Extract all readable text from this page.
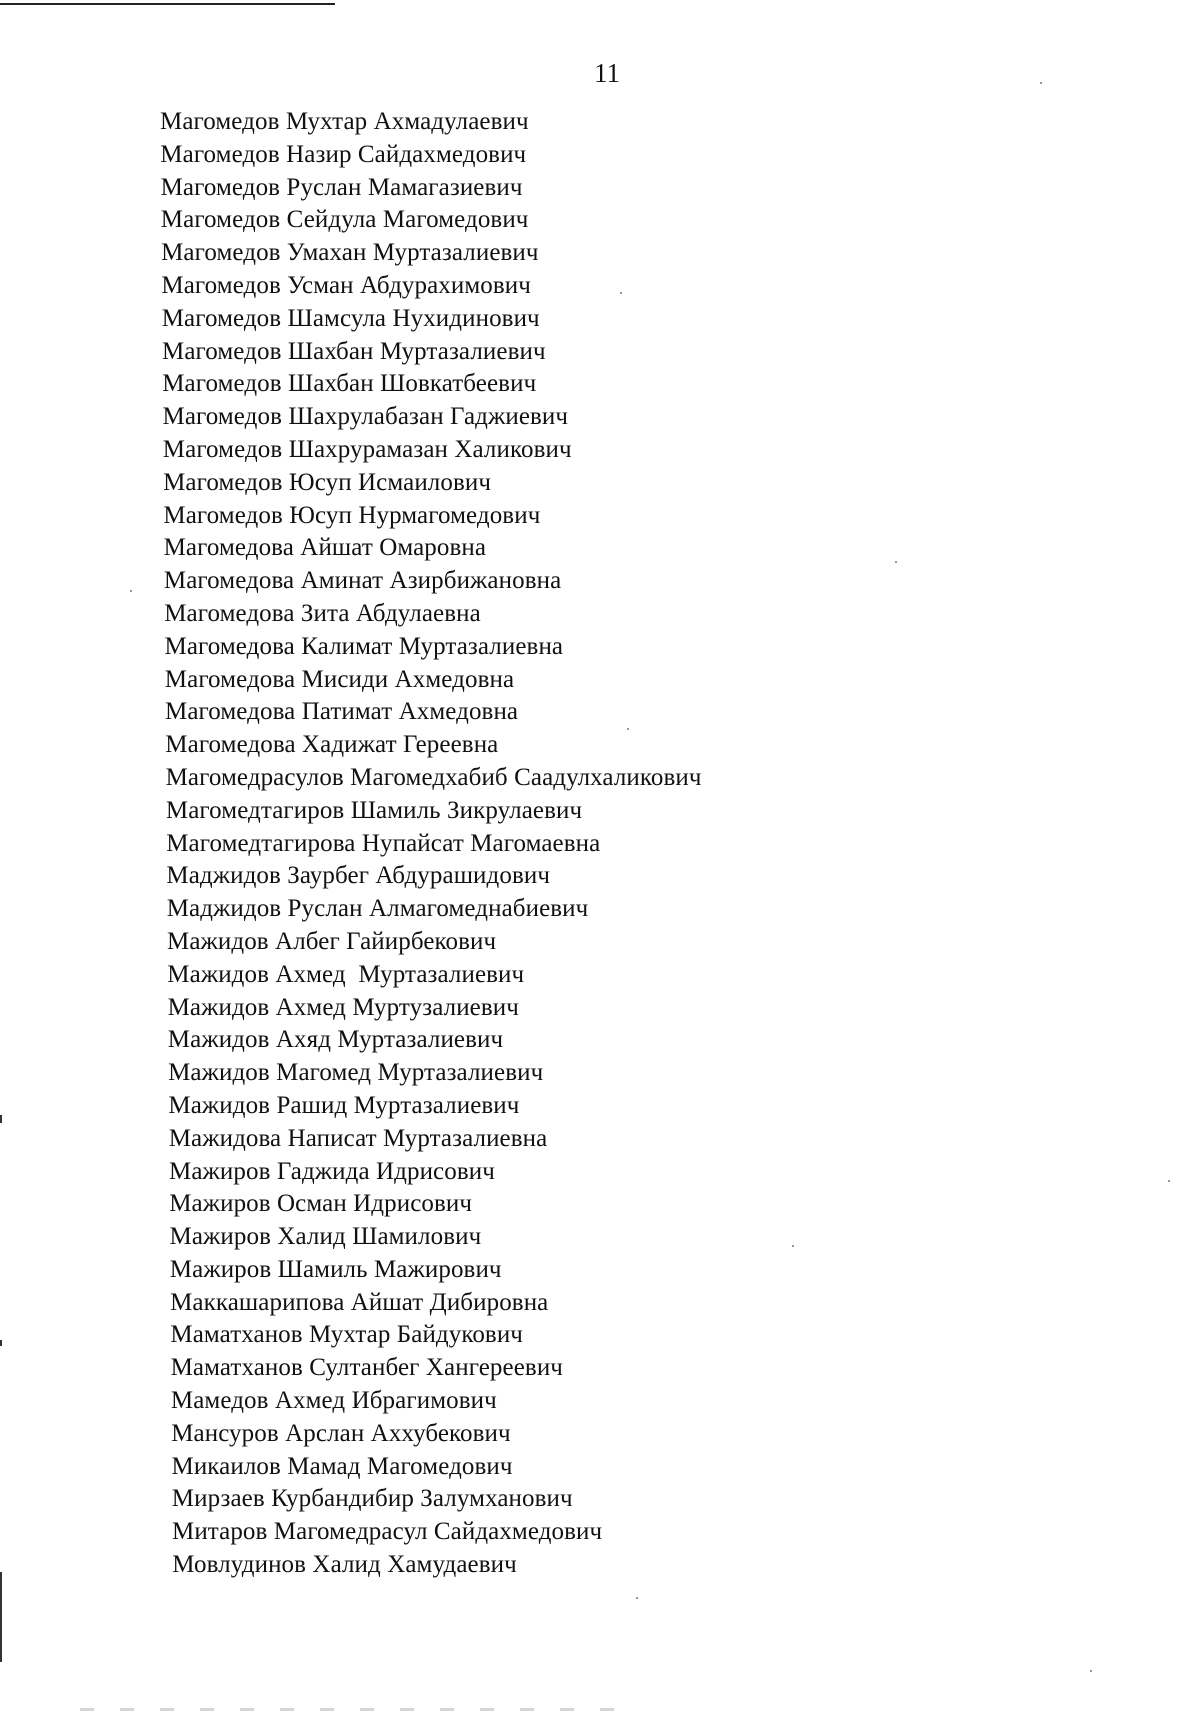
11
Магомедов Мухтар Ахмадулаевич
Магомедов Назир Сайдахмедович
Магомедов Руслан Мамагазиевич
Магомедов Сейдула Магомедович
Магомедов Умахан Муртазалиевич
Магомедов Усман Абдурахимович
Магомедов Шамсула Нухидинович
Магомедов Шахбан Муртазалиевич
Магомедов Шахбан Шовкатбеевич
Магомедов Шахрулабазан Гаджиевич
Магомедов Шахрурамазан Халикович
Магомедов Юсуп Исмаилович
Магомедов Юсуп Нурмагомедович
Магомедова Айшат Омаровна
Магомедова Аминат Азирбижановна
Магомедова Зита Абдулаевна
Магомедова Калимат Муртазалиевна
Магомедова Мисиди Ахмедовна
Магомедова Патимат Ахмедовна
Магомедова Хадижат Гереевна
Магомедрасулов Магомедхабиб Саадулхаликович
Магомедтагиров Шамиль Зикрулаевич
Магомедтагирова Нупайсат Магомаевна
Маджидов Заурбег Абдурашидович
Маджидов Руслан Алмагомеднабиевич
Мажидов Албег Гайирбекович
Мажидов Ахмед  Муртазалиевич
Мажидов Ахмед Муртузалиевич
Мажидов Ахяд Муртазалиевич
Мажидов Магомед Муртазалиевич
Мажидов Рашид Муртазалиевич
Мажидова Написат Муртазалиевна
Мажиров Гаджида Идрисович
Мажиров Осман Идрисович
Мажиров Халид Шамилович
Мажиров Шамиль Мажирович
Маккашарипова Айшат Дибировна
Маматханов Мухтар Байдукович
Маматханов Султанбег Хангереевич
Мамедов Ахмед Ибрагимович
Мансуров Арслан Аххубекович
Микаилов Мамад Магомедович
Мирзаев Курбандибир Залумханович
Митаров Магомедрасул Сайдахмедович
Мовлудинов Халид Хамудаевич
